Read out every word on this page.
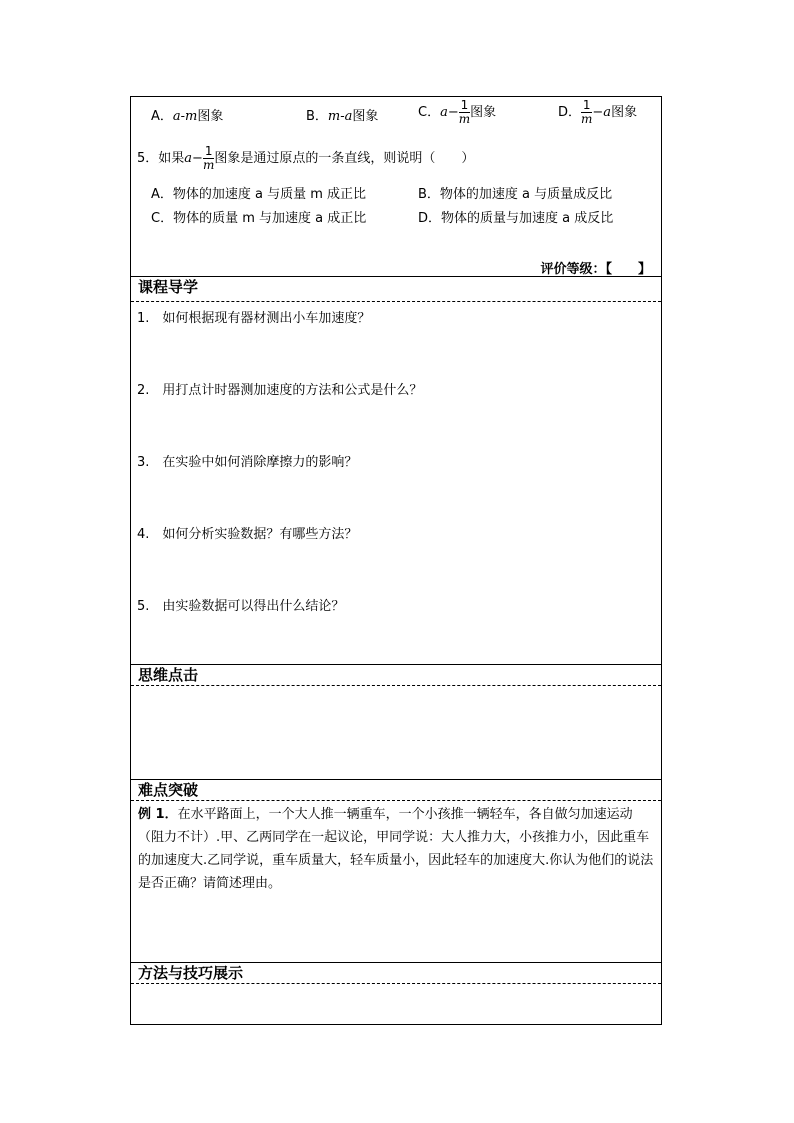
A．a-m图象	B．m-a图象	C．$a- \frac{1}{m}$ 图象	D． $\frac{1}{m} -a$图象
5．如果$a- \frac{1}{m}$ 图象是通过原点的一条直线，则说明（　　）
A．物体的加速度 a 与质量 m 成正比	B．物体的加速度 a 与质量成反比
C．物体的质量 m 与加速度 a 成正比	D．物体的质量与加速度 a 成反比
评价等级：【　　】
课程导学
1.　如何根据现有器材测出小车加速度？
2.　用打点计时器测加速度的方法和公式是什么？
3.　在实验中如何消除摩擦力的影响？
4.　如何分析实验数据？有哪些方法？
5.　由实验数据可以得出什么结论？
思维点击
难点突破
例 1．在水平路面上，一个大人推一辆重车，一个小孩推一辆轻车，各自做匀加速运动（阻力不计）.甲、乙两同学在一起议论，甲同学说：大人推力大，小孩推力小，因此重车的加速度大.乙同学说，重车质量大，轻车质量小，因此轻车的加速度大.你认为他们的说法是否正确？请简述理由。
方法与技巧展示
